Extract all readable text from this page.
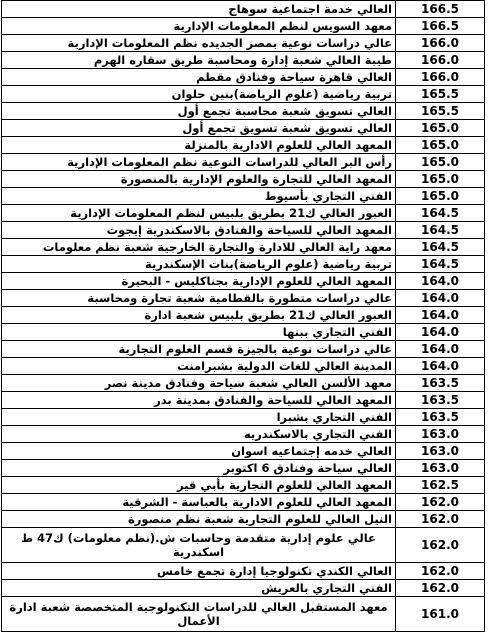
العالي خدمة اجتماعية سوهاج	166.5
معهد السويس لنظم المعلومات الإدارية	166.5
عالي دراسات نوعية بمصر الجديده نظم المعلومات الإدارية	166.0
طيبة العالي شعبة إدارة ومحاسبة طريق سقاره الهرم	166.0
العالي قاهرة سياحة وفنادق مقطم	166.0
تربية رياضية (علوم الرياضة)بنين حلوان	165.5
العالي تسويق شعبة محاسبة تجمع أول	165.5
العالي تسويق شعبة تسويق تجمع أول	165.0
المعهد العالي للعلوم الادارية بالمنزلة	165.0
رأس البر العالي للدراسات النوعية نظم المعلومات الإدارية	165.0
المعهد العالي للتجارة والعلوم الإدارية بالمنصورة	165.0
الفني التجاري بأسيوط	165.0
العبور العالي ك21 بطريق بلبيس لنظم المعلومات الإدارية	164.5
المعهد العالي للسياحة والفنادق بالاسكندرية إيجوث	164.5
معهد راية العالي للادارة والتجارة الخارجية شعبة نظم معلومات	164.5
تربية رياضية (علوم الرياضة)بنات الإسكندرية	164.5
المعهد العالي للعلوم الإدارية بجناكليس - البحيرة	164.0
عالي دراسات متطورة بالقطامية شعبة تجارة ومحاسبة	164.0
العبور العالي ك21 بطريق بلبيس شعبة ادارة	164.0
الفني التجاري ببنها	164.0
عالي دراسات نوعية بالجيزة قسم العلوم التجارية	164.0
المدينة العالي للغات الدولية بشبرامنت	164.0
معهد الألسن العالي شعبة سياحة وفنادق مدينة نصر	163.5
المعهد العالي للسياحة والفنادق بمدينة بدر	163.5
الفني التجاري بشبرا	163.5
الفني التجاري بالاسكندريه	163.0
العالي خدمه إجتماعيه اسوان	163.0
العالي سياحة وفنادق 6 اكتوبر	163.0
المعهد العالي للعلوم التجارية بأبي قير	162.5
المعهد العالي للعلوم الادارية بالعباسة - الشرقية	162.0
النيل العالي للعلوم التجارية شعبة نظم منصورة	162.0
عالي علوم إدارية متقدمة وحاسبات ش.(نظم معلومات) ك47 ط اسكندرية	162.0
العالي الكندي تكنولوجيا إدارة تجمع خامس	162.0
الفني التجاري بالعريش	162.0
معهد المستقبل العالي للدراسات التكنولوجية المتخصصة شعبة ادارة الأعمال	161.0
